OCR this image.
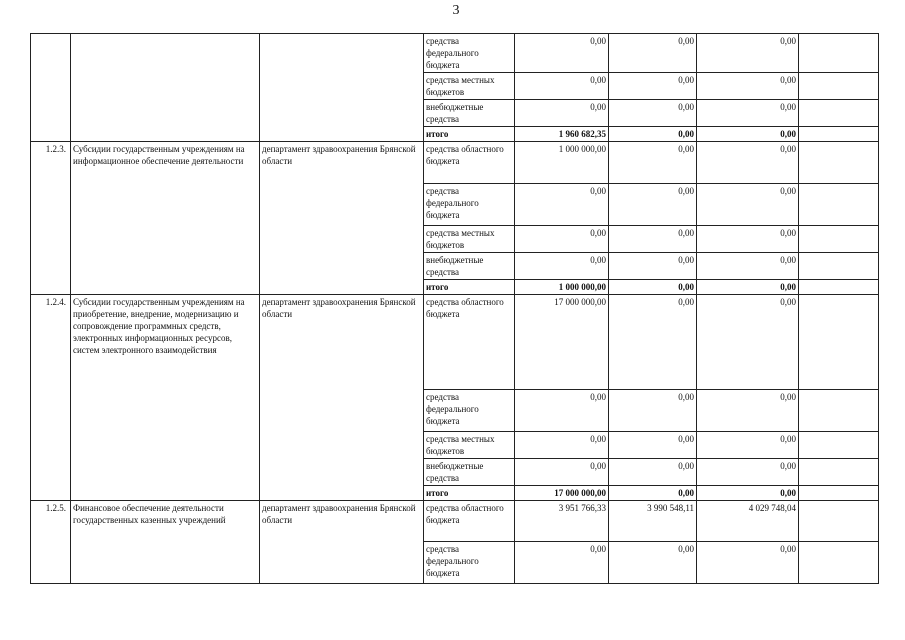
3
			средства федерального бюджета	0,00	0,00	0,00	
			средства местных бюджетов	0,00	0,00	0,00	
			внебюджетные средства	0,00	0,00	0,00	
			итого	1 960 682,35	0,00	0,00	
1.2.3.	Субсидии государственным учреждениям на информационное обеспечение деятельности	департамент здравоохранения Брянской области	средства областного бюджета	1 000 000,00	0,00	0,00	
			средства федерального бюджета	0,00	0,00	0,00	
			средства местных бюджетов	0,00	0,00	0,00	
			внебюджетные средства	0,00	0,00	0,00	
			итого	1 000 000,00	0,00	0,00	
1.2.4.	Субсидии государственным учреждениям на приобретение, внедрение, модернизацию и сопровождение программных средств, электронных информационных ресурсов, систем электронного взаимодействия	департамент здравоохранения Брянской области	средства областного бюджета	17 000 000,00	0,00	0,00	
			средства федерального бюджета	0,00	0,00	0,00	
			средства местных бюджетов	0,00	0,00	0,00	
			внебюджетные средства	0,00	0,00	0,00	
			итого	17 000 000,00	0,00	0,00	
1.2.5.	Финансовое обеспечение деятельности государственных казенных учреждений	департамент здравоохранения Брянской области	средства областного бюджета	3 951 766,33	3 990 548,11	4 029 748,04	
			средства федерального бюджета	0,00	0,00	0,00	
